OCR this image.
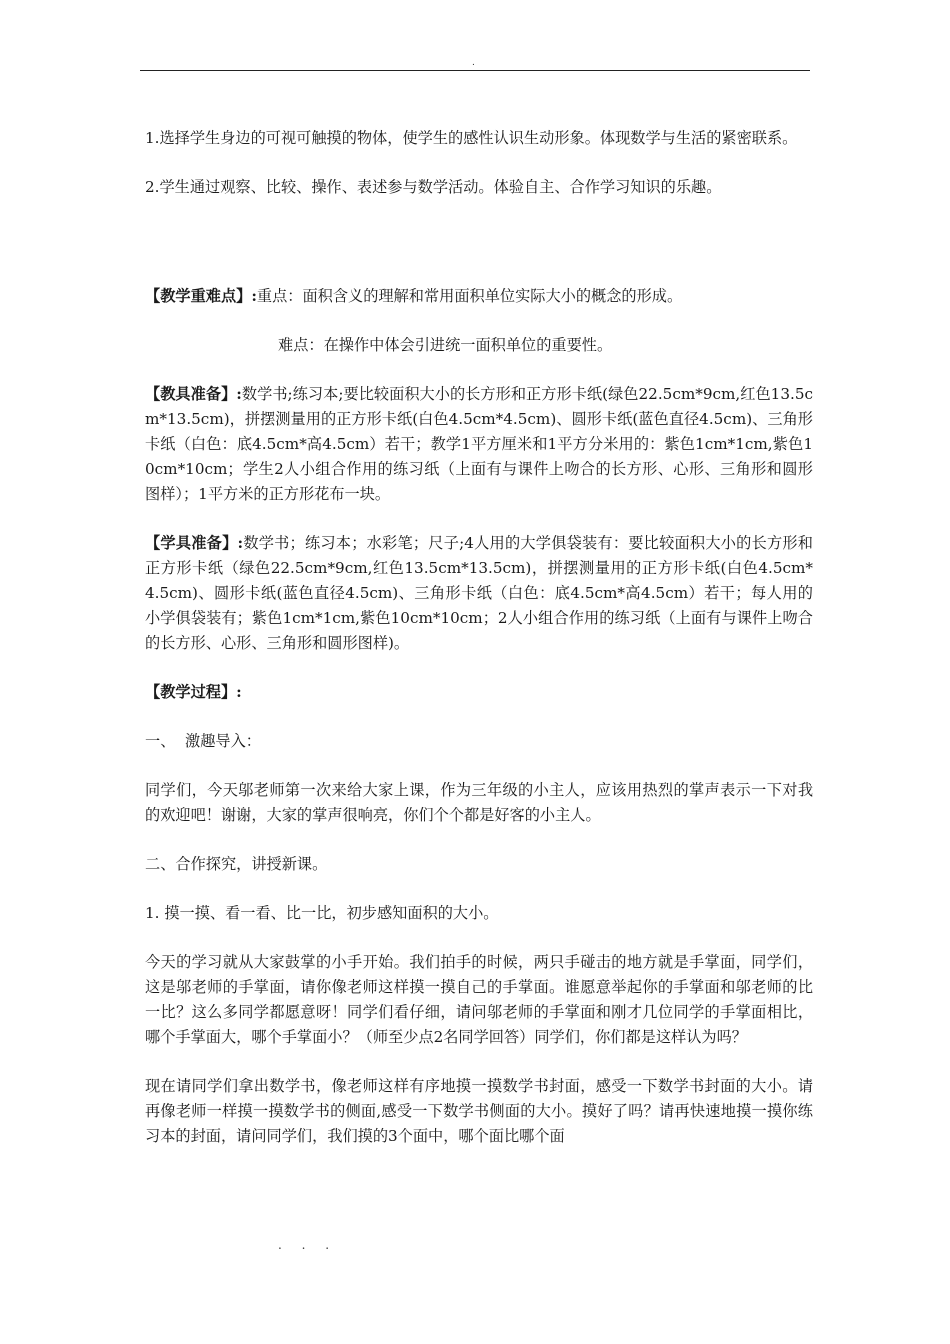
.

1.选择学生身边的可视可触摸的物体，使学生的感性认识生动形象。体现数学与生活的紧密联系。

2.学生通过观察、比较、操作、表述参与数学活动。体验自主、合作学习知识的乐趣。

【教学重难点】:重点：面积含义的理解和常用面积单位实际大小的概念的形成。

难点：在操作中体会引进统一面积单位的重要性。

【教具准备】:数学书;练习本;要比较面积大小的长方形和正方形卡纸(绿色22.5cm*9cm,红色13.5cm*13.5cm)，拼摆测量用的正方形卡纸(白色4.5cm*4.5cm)、圆形卡纸(蓝色直径4.5cm)、三角形卡纸（白色：底4.5cm*高4.5cm）若干；教学1平方厘米和1平方分米用的：紫色1cm*1cm,紫色10cm*10cm；学生2人小组合作用的练习纸（上面有与课件上吻合的长方形、心形、三角形和圆形图样）；1平方米的正方形花布一块。

【学具准备】:数学书；练习本；水彩笔；尺子;4人用的大学俱袋装有：要比较面积大小的长方形和正方形卡纸（绿色22.5cm*9cm,红色13.5cm*13.5cm)，拼摆测量用的正方形卡纸(白色4.5cm*4.5cm)、圆形卡纸(蓝色直径4.5cm)、三角形卡纸（白色：底4.5cm*高4.5cm）若干；每人用的小学俱袋装有；紫色1cm*1cm,紫色10cm*10cm；2人小组合作用的练习纸（上面有与课件上吻合的长方形、心形、三角形和圆形图样)。

【教学过程】:

一、  激趣导入：

同学们，今天邬老师第一次来给大家上课，作为三年级的小主人，应该用热烈的掌声表示一下对我的欢迎吧！谢谢，大家的掌声很响亮，你们个个都是好客的小主人。

二、合作探究，讲授新课。

1. 摸一摸、看一看、比一比，初步感知面积的大小。

今天的学习就从大家鼓掌的小手开始。我们拍手的时候，两只手碰击的地方就是手掌面，同学们，这是邬老师的手掌面，请你像老师这样摸一摸自己的手掌面。谁愿意举起你的手掌面和邬老师的比一比？这么多同学都愿意呀！同学们看仔细，请问邬老师的手掌面和刚才几位同学的手掌面相比，哪个手掌面大，哪个手掌面小？（师至少点2名同学回答）同学们，你们都是这样认为吗？

现在请同学们拿出数学书，像老师这样有序地摸一摸数学书封面，感受一下数学书封面的大小。请再像老师一样摸一摸数学书的侧面,感受一下数学书侧面的大小。摸好了吗？请再快速地摸一摸你练习本的封面，请问同学们，我们摸的3个面中，哪个面比哪个面

. . .
